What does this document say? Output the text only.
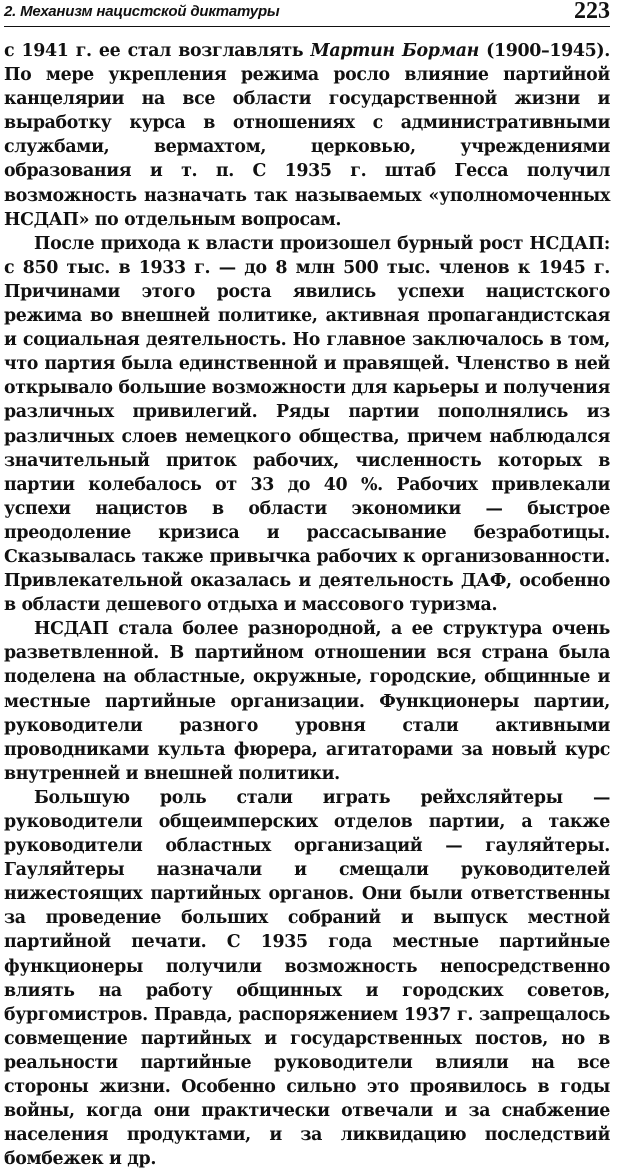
2. Механизм нацистской диктатуры	223

с 1941 г. ее стал возглавлять Мартин Борман (1900–1945). По мере укрепления режима росло влияние партийной канцелярии на все области государственной жизни и выработку курса в отношениях с административными службами, вермахтом, церковью, учреждениями образования и т. п. С 1935 г. штаб Гесса получил возможность назначать так называемых «уполномоченных НСДАП» по отдельным вопросам.

После прихода к власти произошел бурный рост НСДАП: с 850 тыс. в 1933 г. — до 8 млн 500 тыс. членов к 1945 г. Причинами этого роста явились успехи нацистского режима во внешней политике, активная пропагандистская и социальная деятельность. Но главное заключалось в том, что партия была единственной и правящей. Членство в ней открывало большие возможности для карьеры и получения различных привилегий. Ряды партии пополнялись из различных слоев немецкого общества, причем наблюдался значительный приток рабочих, численность которых в партии колебалось от 33 до 40 %. Рабочих привлекали успехи нацистов в области экономики — быстрое преодоление кризиса и рассасывание безработицы. Сказывалась также привычка рабочих к организованности. Привлекательной оказалась и деятельность ДАФ, особенно в области дешевого отдыха и массового туризма.

НСДАП стала более разнородной, а ее структура очень разветвленной. В партийном отношении вся страна была поделена на областные, окружные, городские, общинные и местные партийные организации. Функционеры партии, руководители разного уровня стали активными проводниками культа фюрера, агитаторами за новый курс внутренней и внешней политики.

Большую роль стали играть рейхсляйтеры — руководители общеимперских отделов партии, а также руководители областных организаций — гауляйтеры. Гауляйтеры назначали и смещали руководителей нижестоящих партийных органов. Они были ответственны за проведение больших собраний и выпуск местной партийной печати. С 1935 года местные партийные функционеры получили возможность непосредственно влиять на работу общинных и городских советов, бургомистров. Правда, распоряжением 1937 г. запрещалось совмещение партийных и государственных постов, но в реальности партийные руководители влияли на все стороны жизни. Особенно сильно это проявилось в годы войны, когда они практически отвечали и за снабжение населения продуктами, и за ликвидацию последствий бомбежек и др.
